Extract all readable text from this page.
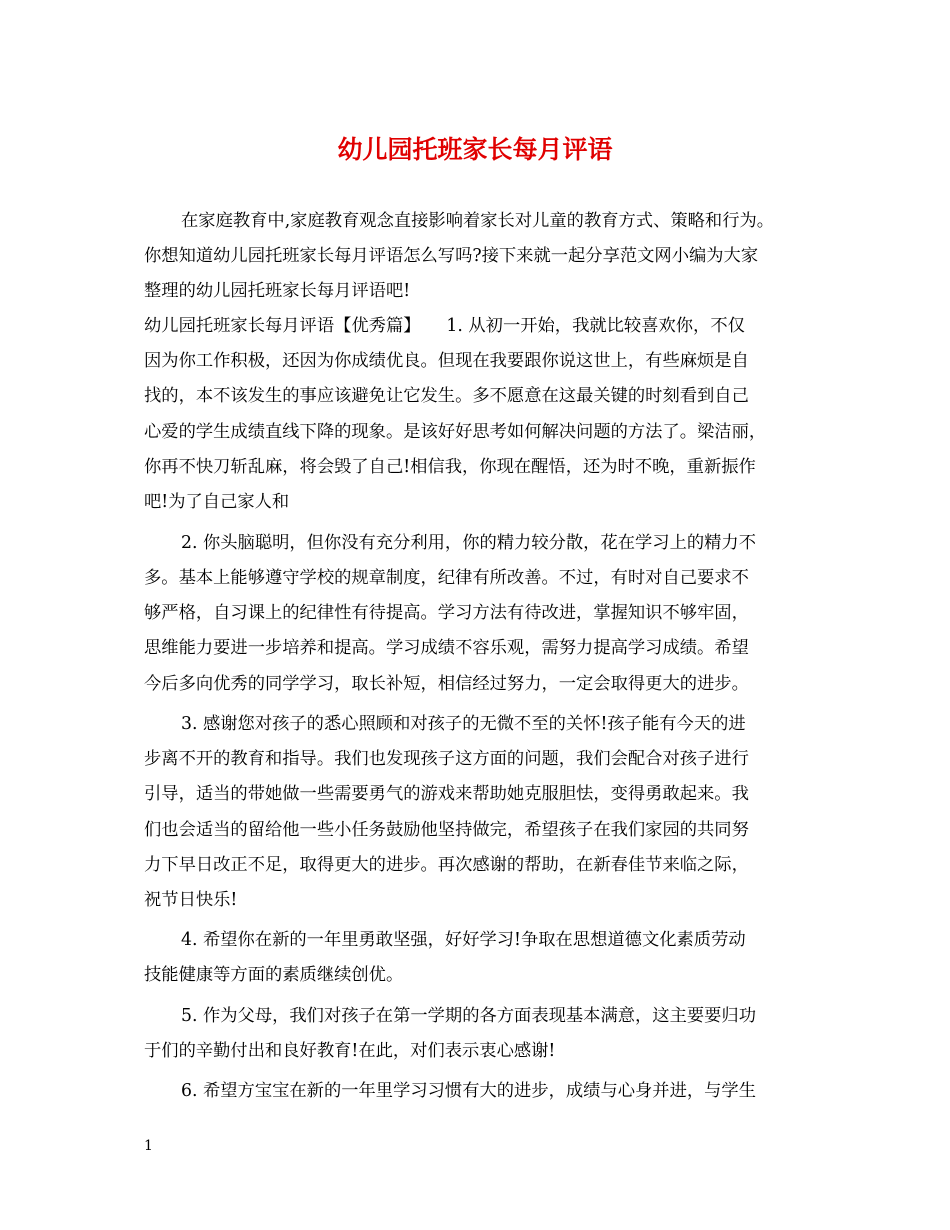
幼儿园托班家长每月评语
在家庭教育中,家庭教育观念直接影响着家长对儿童的教育方式、策略和行为。
你想知道幼儿园托班家长每月评语怎么写吗?接下来就一起分享范文网小编为大家
整理的幼儿园托班家长每月评语吧!
幼儿园托班家长每月评语【优秀篇】　　1. 从初一开始，我就比较喜欢你，不仅
因为你工作积极，还因为你成绩优良。但现在我要跟你说这世上，有些麻烦是自
找的，本不该发生的事应该避免让它发生。多不愿意在这最关键的时刻看到自己
心爱的学生成绩直线下降的现象。是该好好思考如何解决问题的方法了。梁洁丽，
你再不快刀斩乱麻，将会毁了自己!相信我，你现在醒悟，还为时不晚，重新振作
吧!为了自己家人和
2. 你头脑聪明，但你没有充分利用，你的精力较分散，花在学习上的精力不
多。基本上能够遵守学校的规章制度，纪律有所改善。不过，有时对自己要求不
够严格，自习课上的纪律性有待提高。学习方法有待改进，掌握知识不够牢固，
思维能力要进一步培养和提高。学习成绩不容乐观，需努力提高学习成绩。希望
今后多向优秀的同学学习，取长补短，相信经过努力，一定会取得更大的进步。
3. 感谢您对孩子的悉心照顾和对孩子的无微不至的关怀!孩子能有今天的进
步离不开的教育和指导。我们也发现孩子这方面的问题，我们会配合对孩子进行
引导，适当的带她做一些需要勇气的游戏来帮助她克服胆怯，变得勇敢起来。我
们也会适当的留给他一些小任务鼓励他坚持做完，希望孩子在我们家园的共同努
力下早日改正不足，取得更大的进步。再次感谢的帮助，在新春佳节来临之际，
祝节日快乐!
4. 希望你在新的一年里勇敢坚强，好好学习!争取在思想道德文化素质劳动
技能健康等方面的素质继续创优。
5. 作为父母，我们对孩子在第一学期的各方面表现基本满意，这主要要归功
于们的辛勤付出和良好教育!在此，对们表示衷心感谢!
6. 希望方宝宝在新的一年里学习习惯有大的进步，成绩与心身并进，与学生
1
